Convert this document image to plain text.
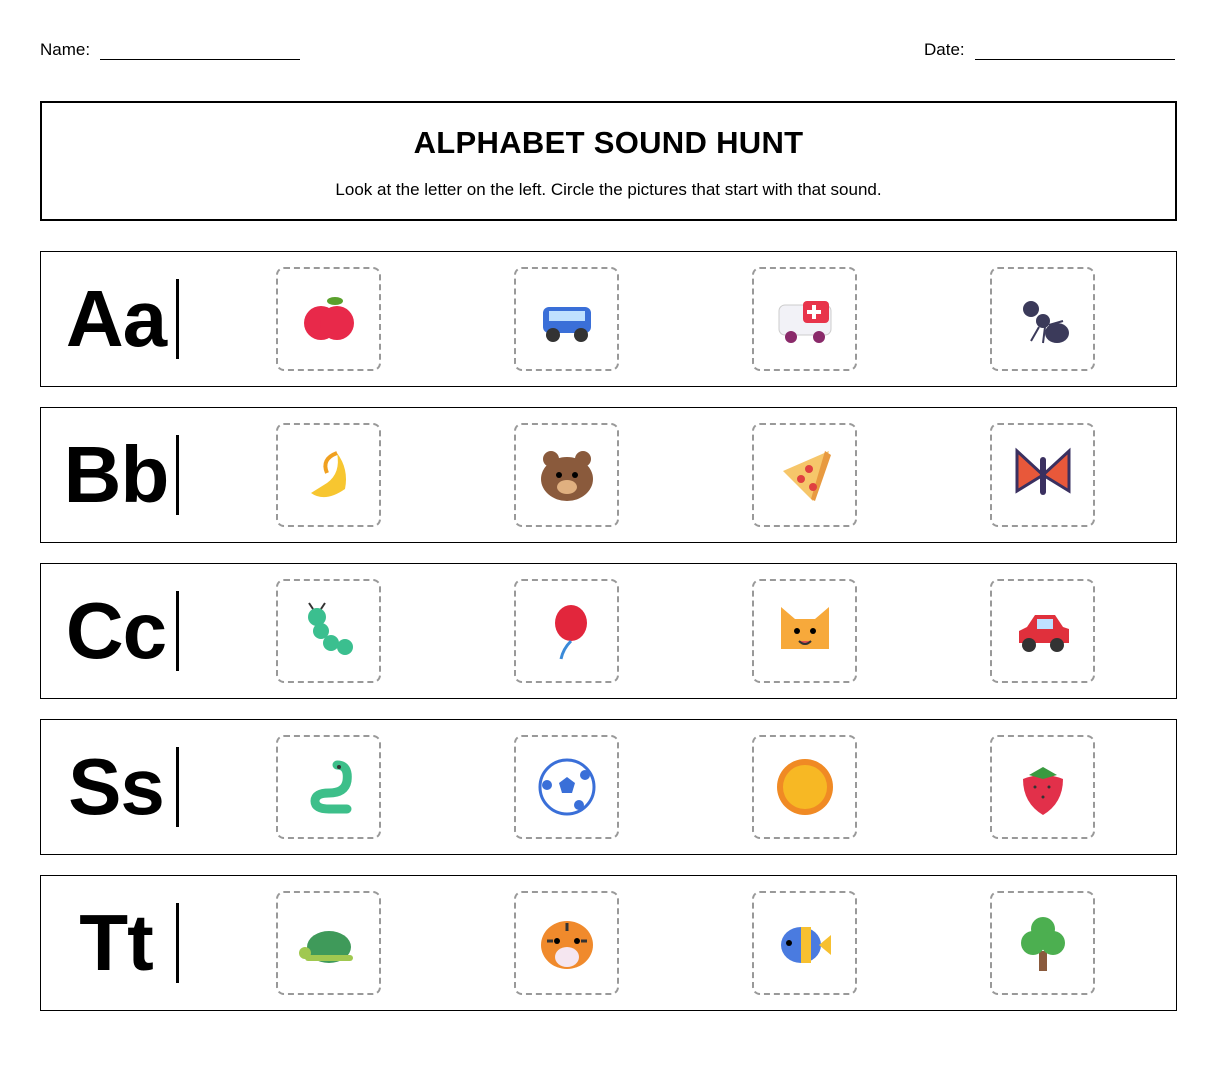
Name:	Date:
ALPHABET SOUND HUNT

Look at the letter on the left. Circle the pictures that start with that sound.

Aa
Bb
Cc
Ss
Tt
